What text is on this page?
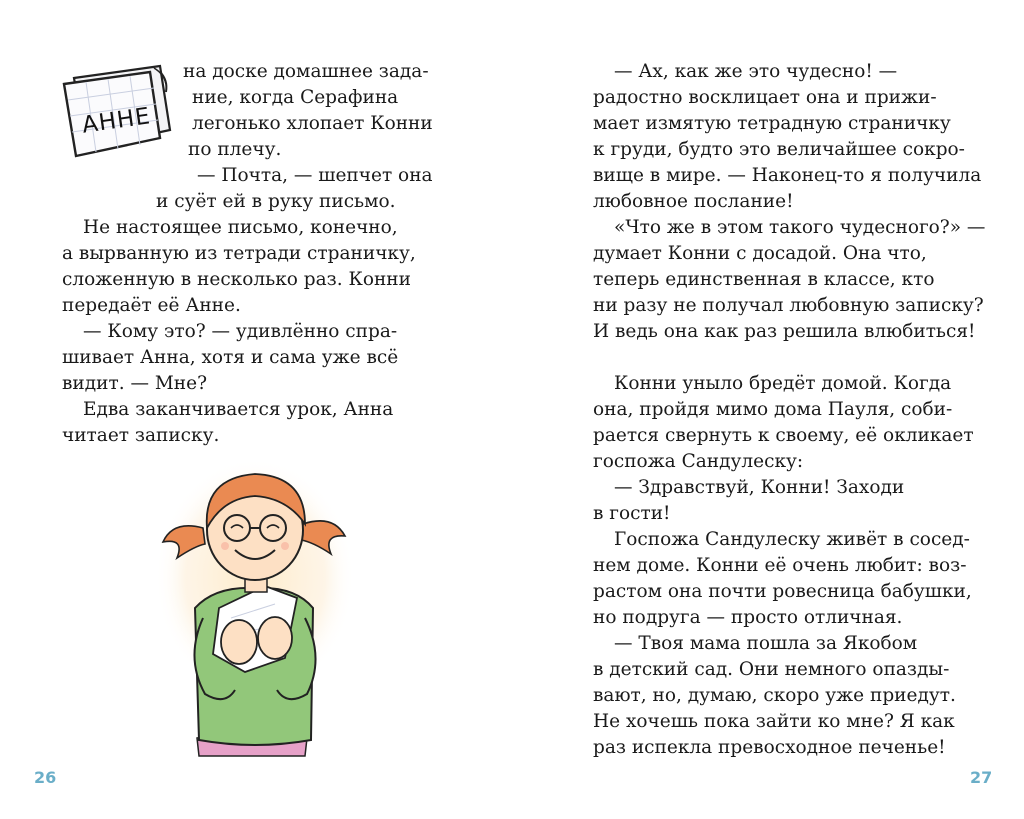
АННЕ
на доске домашнее зада-
ние, когда Серафина
легонько хлопает Конни
по плечу.
— Почта, — шепчет она
и суёт ей в руку письмо.
Не настоящее письмо, конечно,
а вырванную из тетради страничку,
сложенную в несколько раз. Конни
передаёт её Анне.
— Кому это? — удивлённо спра-
шивает Анна, хотя и сама уже всё
видит. — Мне?
Едва заканчивается урок, Анна
читает записку.
26
— Ах, как же это чудесно! —
радостно восклицает она и прижи-
мает измятую тетрадную страничку
к груди, будто это величайшее сокро-
вище в мире. — Наконец-то я получила
любовное послание!
«Что же в этом такого чудесного?» —
думает Конни с досадой. Она что,
теперь единственная в классе, кто
ни разу не получал любовную записку?
И ведь она как раз решила влюбиться!
Конни уныло бредёт домой. Когда
она, пройдя мимо дома Пауля, соби-
рается свернуть к своему, её окликает
госпожа Сандулеску:
— Здравствуй, Конни! Заходи
в гости!
Госпожа Сандулеску живёт в сосед-
нем доме. Конни её очень любит: воз-
растом она почти ровесница бабушки,
но подруга — просто отличная.
— Твоя мама пошла за Якобом
в детский сад. Они немного опазды-
вают, но, думаю, скоро уже приедут.
Не хочешь пока зайти ко мне? Я как
раз испекла превосходное печенье!
27
